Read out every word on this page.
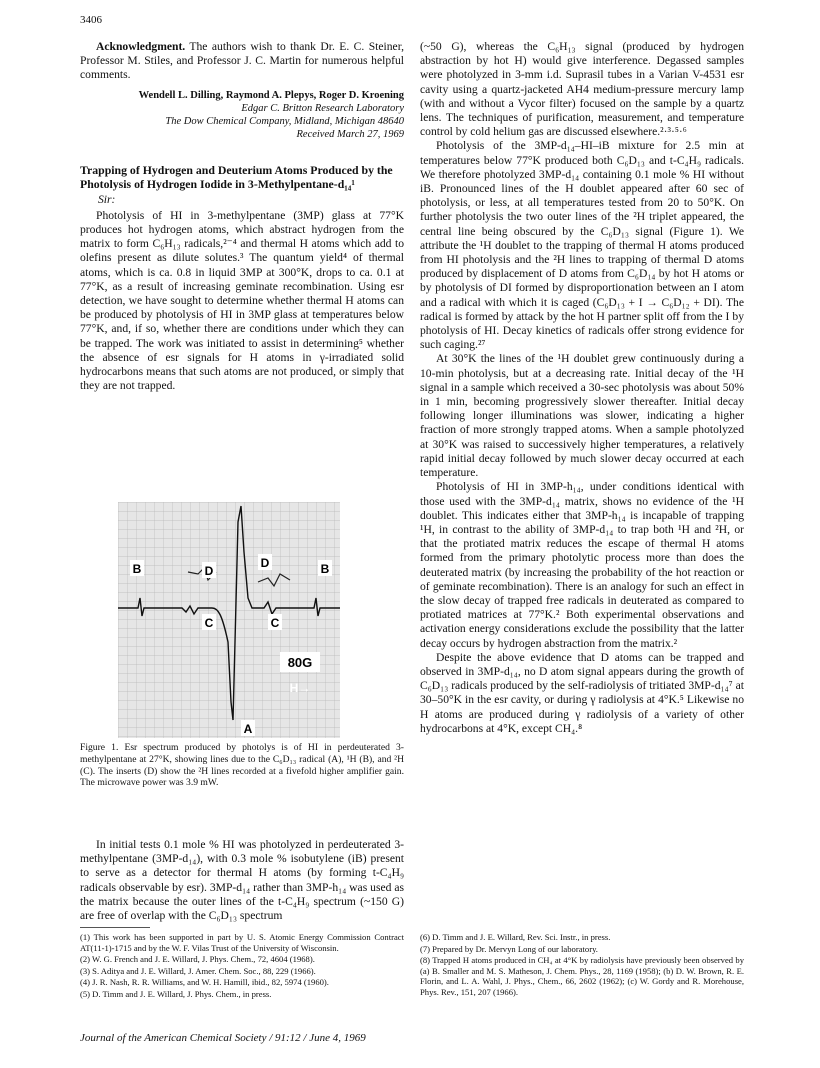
3406

Acknowledgment. The authors wish to thank Dr. E. C. Steiner, Professor M. Stiles, and Professor J. C. Martin for numerous helpful comments.

Wendell L. Dilling, Raymond A. Plepys, Roger D. Kroening

Edgar C. Britton Research Laboratory

The Dow Chemical Company, Midland, Michigan 48640

Received March 27, 1969

Trapping of Hydrogen and Deuterium Atoms Produced by the Photolysis of Hydrogen Iodide in 3-Methylpentane-d₁₄¹
Sir:

Photolysis of HI in 3-methylpentane (3MP) glass at 77°K produces hot hydrogen atoms, which abstract hydrogen from the matrix to form C₆H₁₃ radicals,²⁻⁴ and thermal H atoms which add to olefins present as dilute solutes.³ The quantum yield⁴ of thermal atoms, which is ca. 0.8 in liquid 3MP at 300°K, drops to ca. 0.1 at 77°K, as a result of increasing geminate recombination. Using esr detection, we have sought to determine whether thermal H atoms can be produced by photolysis of HI in 3MP glass at temperatures below 77°K, and, if so, whether there are conditions under which they can be trapped. The work was initiated to assist in determining⁵ whether the absence of esr signals for H atoms in γ-irradiated solid hydrocarbons means that such atoms are not produced, or simply that they are not trapped.

B	D
D	B
C	C
A
80G
H→
Figure 1. Esr spectrum produced by photolys is of HI in perdeuterated 3-methylpentane at 27°K, showing lines due to the C₆D₁₃ radical (A), ¹H (B), and ²H (C). The inserts (D) show the ²H lines recorded at a fivefold higher amplifier gain. The microwave power was 3.9 mW.

In initial tests 0.1 mole % HI was photolyzed in perdeuterated 3-methylpentane (3MP-d₁₄), with 0.3 mole % isobutylene (iB) present to serve as a detector for thermal H atoms (by forming t-C₄H₉ radicals observable by esr). 3MP-d₁₄ rather than 3MP-h₁₄ was used as the matrix because the outer lines of the t-C₄H₉ spectrum (~150 G) are free of overlap with the C₆D₁₃ spectrum

(~50 G), whereas the C₆H₁₃ signal (produced by hydrogen abstraction by hot H) would give interference. Degassed samples were photolyzed in 3-mm i.d. Suprasil tubes in a Varian V-4531 esr cavity using a quartz-jacketed AH4 medium-pressure mercury lamp (with and without a Vycor filter) focused on the sample by a quartz lens. The techniques of purification, measurement, and temperature control by cold helium gas are discussed elsewhere.²·³·⁵·⁶

Photolysis of the 3MP-d₁₄–HI–iB mixture for 2.5 min at temperatures below 77°K produced both C₆D₁₃ and t-C₄H₉ radicals. We therefore photolyzed 3MP-d₁₄ containing 0.1 mole % HI without iB. Pronounced lines of the H doublet appeared after 60 sec of photolysis, or less, at all temperatures tested from 20 to 50°K. On further photolysis the two outer lines of the ²H triplet appeared, the central line being obscured by the C₆D₁₃ signal (Figure 1). We attribute the ¹H doublet to the trapping of thermal H atoms produced from HI photolysis and the ²H lines to trapping of thermal D atoms produced by displacement of D atoms from C₆D₁₄ by hot H atoms or by photolysis of DI formed by disproportionation between an I atom and a radical with which it is caged (C₆D₁₃ + I → C₆D₁₂ + DI). The radical is formed by attack by the hot H partner split off from the I by photolysis of HI. Decay kinetics of radicals offer strong evidence for such caging.²⁷

At 30°K the lines of the ¹H doublet grew continuously during a 10-min photolysis, but at a decreasing rate. Initial decay of the ¹H signal in a sample which received a 30-sec photolysis was about 50% in 1 min, becoming progressively slower thereafter. Initial decay following longer illuminations was slower, indicating a higher fraction of more strongly trapped atoms. When a sample photolyzed at 30°K was raised to successively higher temperatures, a relatively rapid initial decay followed by much slower decay occurred at each temperature.

Photolysis of HI in 3MP-h₁₄, under conditions identical with those used with the 3MP-d₁₄ matrix, shows no evidence of the ¹H doublet. This indicates either that 3MP-h₁₄ is incapable of trapping ¹H, in contrast to the ability of 3MP-d₁₄ to trap both ¹H and ²H, or that the protiated matrix reduces the escape of thermal H atoms formed from the primary photolytic process more than does the deuterated matrix (by increasing the probability of the hot reaction or of geminate recombination). There is an analogy for such an effect in the slow decay of trapped free radicals in deuterated as compared to protiated matrices at 77°K.² Both experimental observations and activation energy considerations exclude the possibility that the latter decay occurs by hydrogen abstraction from the matrix.²

Despite the above evidence that D atoms can be trapped and observed in 3MP-d₁₄, no D atom signal appears during the growth of C₆D₁₃ radicals produced by the self-radiolysis of tritiated 3MP-d₁₄⁷ at 30–50°K in the esr cavity, or during γ radiolysis at 4°K.⁵ Likewise no H atoms are produced during γ radiolysis of a variety of other hydrocarbons at 4°K, except CH₄.⁸

(1) This work has been supported in part by U. S. Atomic Energy Commission Contract AT(11-1)-1715 and by the W. F. Vilas Trust of the University of Wisconsin.

(2) W. G. French and J. E. Willard, J. Phys. Chem., 72, 4604 (1968).

(3) S. Aditya and J. E. Willard, J. Amer. Chem. Soc., 88, 229 (1966).

(4) J. R. Nash, R. R. Williams, and W. H. Hamill, ibid., 82, 5974 (1960).

(5) D. Timm and J. E. Willard, J. Phys. Chem., in press.

(6) D. Timm and J. E. Willard, Rev. Sci. Instr., in press.

(7) Prepared by Dr. Mervyn Long of our laboratory.

(8) Trapped H atoms produced in CH₄ at 4°K by radiolysis have previously been observed by (a) B. Smaller and M. S. Matheson, J. Chem. Phys., 28, 1169 (1958); (b) D. W. Brown, R. E. Florin, and L. A. Wahl, J. Phys., Chem., 66, 2602 (1962); (c) W. Gordy and R. Morehouse, Phys. Rev., 151, 207 (1966).

Journal of the American Chemical Society / 91:12 / June 4, 1969
